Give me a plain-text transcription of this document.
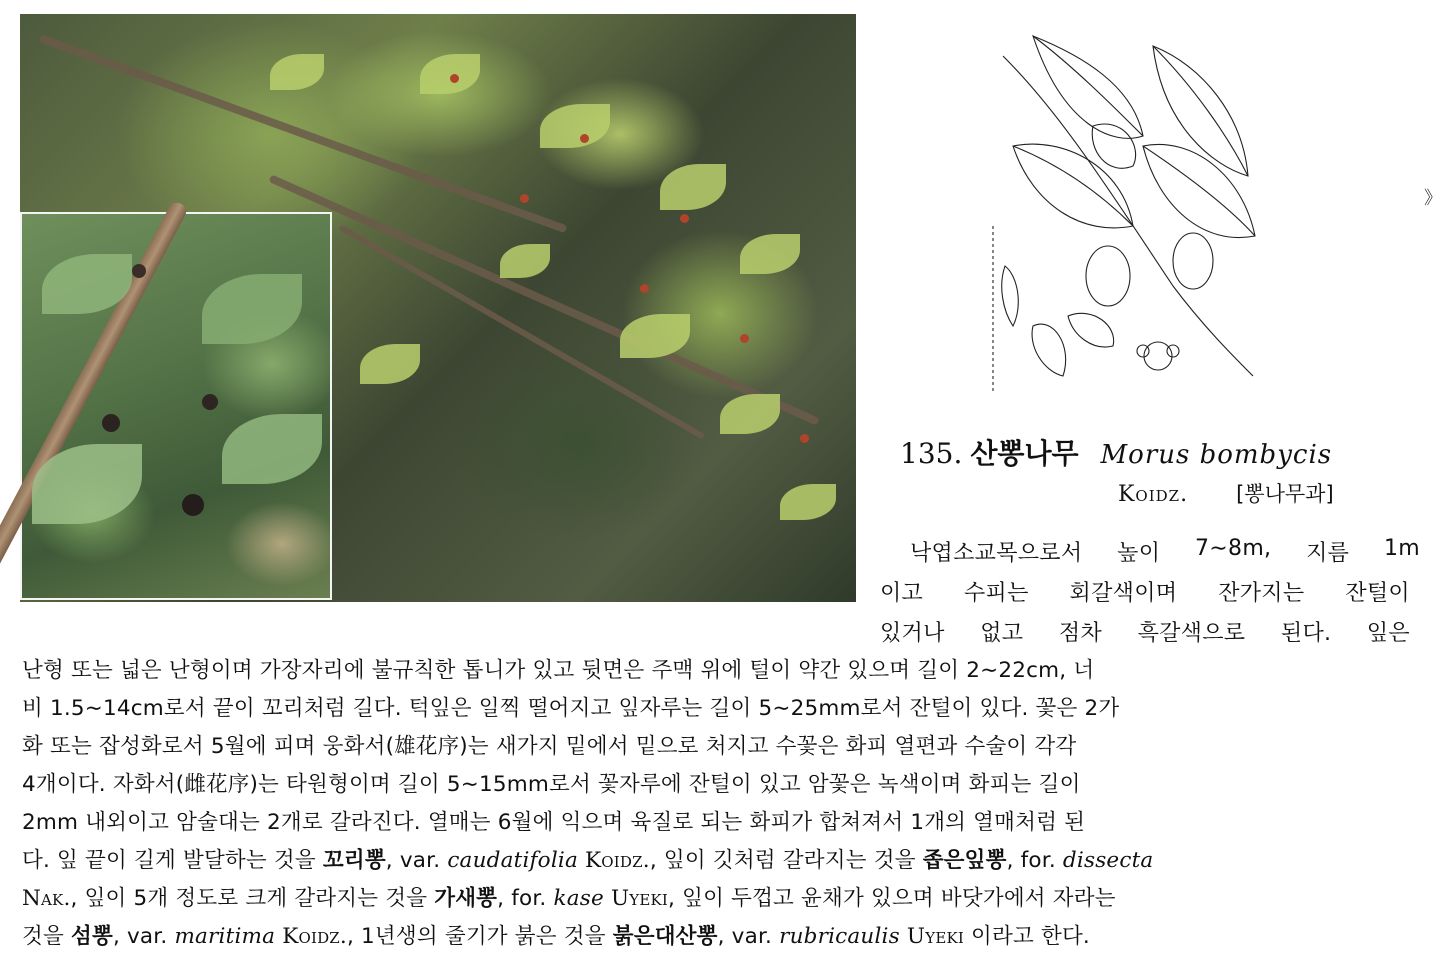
》
135. 산뽕나무 Morus bombycis
Koidz. [뽕나무과]
낙엽소교목으로서 높이 7∼8m, 지름 1m
이고 수피는 회갈색이며 잔가지는 잔털이
있거나 없고 점차 흑갈색으로 된다. 잎은
난형 또는 넓은 난형이며 가장자리에 불규칙한 톱니가 있고 뒷면은 주맥 위에 털이 약간 있으며 길이 2∼22cm, 너
비 1.5∼14cm로서 끝이 꼬리처럼 길다. 턱잎은 일찍 떨어지고 잎자루는 길이 5∼25mm로서 잔털이 있다. 꽃은 2가
화 또는 잡성화로서 5월에 피며 웅화서(雄花序)는 새가지 밑에서 밑으로 처지고 수꽃은 화피 열편과 수술이 각각
4개이다. 자화서(雌花序)는 타원형이며 길이 5∼15mm로서 꽃자루에 잔털이 있고 암꽃은 녹색이며 화피는 길이
2mm 내외이고 암술대는 2개로 갈라진다. 열매는 6월에 익으며 육질로 되는 화피가 합쳐져서 1개의 열매처럼 된
다. 잎 끝이 길게 발달하는 것을 꼬리뽕, var. caudatifolia Koidz., 잎이 깃처럼 갈라지는 것을 좁은잎뽕, for. dissecta
Nak., 잎이 5개 정도로 크게 갈라지는 것을 가새뽕, for. kase Uyeki, 잎이 두껍고 윤채가 있으며 바닷가에서 자라는
것을 섬뽕, var. maritima Koidz., 1년생의 줄기가 붉은 것을 붉은대산뽕, var. rubricaulis Uyeki 이라고 한다.
